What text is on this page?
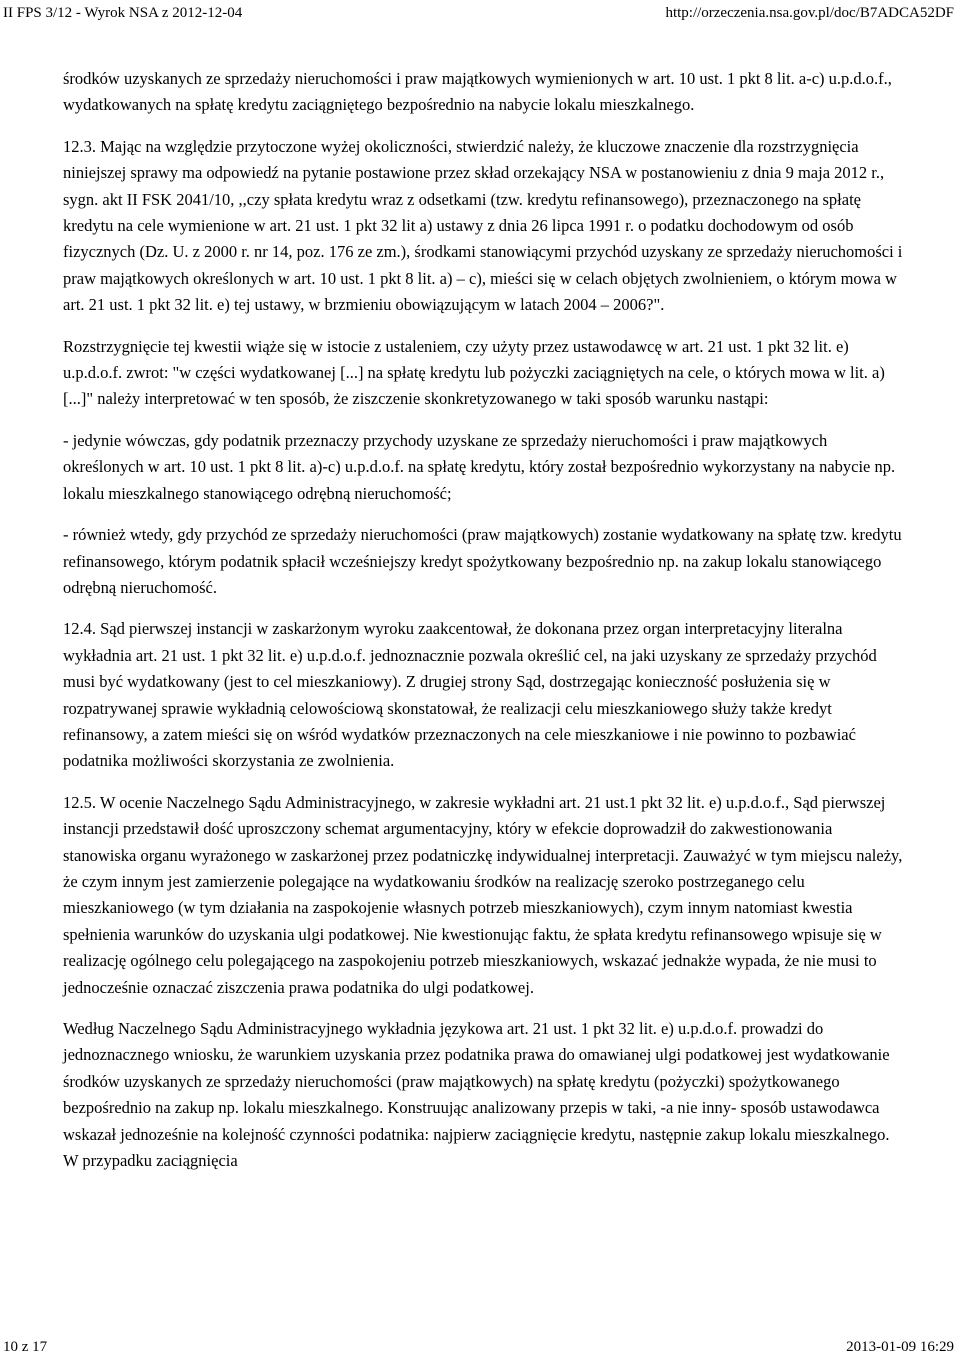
II FPS 3/12 - Wyrok NSA z 2012-12-04	http://orzeczenia.nsa.gov.pl/doc/B7ADCA52DF

środków uzyskanych ze sprzedaży nieruchomości i praw majątkowych wymienionych w art. 10 ust. 1 pkt 8 lit. a-c) u.p.d.o.f., wydatkowanych na spłatę kredytu zaciągniętego bezpośrednio na nabycie lokalu mieszkalnego.

12.3. Mając na względzie przytoczone wyżej okoliczności, stwierdzić należy, że kluczowe znaczenie dla rozstrzygnięcia niniejszej sprawy ma odpowiedź na pytanie postawione przez skład orzekający NSA w postanowieniu z dnia 9 maja 2012 r., sygn. akt II FSK 2041/10, ,,czy spłata kredytu wraz z odsetkami (tzw. kredytu refinansowego), przeznaczonego na spłatę kredytu na cele wymienione w art. 21 ust. 1 pkt 32 lit a) ustawy z dnia 26 lipca 1991 r. o podatku dochodowym od osób fizycznych (Dz. U. z 2000 r. nr 14, poz. 176 ze zm.), środkami stanowiącymi przychód uzyskany ze sprzedaży nieruchomości i praw majątkowych określonych w art. 10 ust. 1 pkt 8 lit. a) – c), mieści się w celach objętych zwolnieniem, o którym mowa w art. 21 ust. 1 pkt 32 lit. e) tej ustawy, w brzmieniu obowiązującym w latach 2004 – 2006?".

Rozstrzygnięcie tej kwestii wiąże się w istocie z ustaleniem, czy użyty przez ustawodawcę w art. 21 ust. 1 pkt 32 lit. e) u.p.d.o.f. zwrot: "w części wydatkowanej [...] na spłatę kredytu lub pożyczki zaciągniętych na cele, o których mowa w lit. a) [...]" należy interpretować w ten sposób, że ziszczenie skonkretyzowanego w taki sposób warunku nastąpi:

- jedynie wówczas, gdy podatnik przeznaczy przychody uzyskane ze sprzedaży nieruchomości i praw majątkowych określonych w art. 10 ust. 1 pkt 8 lit. a)-c) u.p.d.o.f. na spłatę kredytu, który został bezpośrednio wykorzystany na nabycie np. lokalu mieszkalnego stanowiącego odrębną nieruchomość;

- również wtedy, gdy przychód ze sprzedaży nieruchomości (praw majątkowych) zostanie wydatkowany na spłatę tzw. kredytu refinansowego, którym podatnik spłacił wcześniejszy kredyt spożytkowany bezpośrednio np. na zakup lokalu stanowiącego odrębną nieruchomość.

12.4. Sąd pierwszej instancji w zaskarżonym wyroku zaakcentował, że dokonana przez organ interpretacyjny literalna wykładnia art. 21 ust. 1 pkt 32 lit. e) u.p.d.o.f. jednoznacznie pozwala określić cel, na jaki uzyskany ze sprzedaży przychód musi być wydatkowany (jest to cel mieszkaniowy). Z drugiej strony Sąd, dostrzegając konieczność posłużenia się w rozpatrywanej sprawie wykładnią celowościową skonstatował, że realizacji celu mieszkaniowego służy także kredyt refinansowy, a zatem mieści się on wśród wydatków przeznaczonych na cele mieszkaniowe i nie powinno to pozbawiać podatnika możliwości skorzystania ze zwolnienia.

12.5. W ocenie Naczelnego Sądu Administracyjnego, w zakresie wykładni art. 21 ust.1 pkt 32 lit. e) u.p.d.o.f., Sąd pierwszej instancji przedstawił dość uproszczony schemat argumentacyjny, który w efekcie doprowadził do zakwestionowania stanowiska organu wyrażonego w zaskarżonej przez podatniczkę indywidualnej interpretacji. Zauważyć w tym miejscu należy, że czym innym jest zamierzenie polegające na wydatkowaniu środków na realizację szeroko postrzeganego celu mieszkaniowego (w tym działania na zaspokojenie własnych potrzeb mieszkaniowych), czym innym natomiast kwestia spełnienia warunków do uzyskania ulgi podatkowej. Nie kwestionując faktu, że spłata kredytu refinansowego wpisuje się w realizację ogólnego celu polegającego na zaspokojeniu potrzeb mieszkaniowych, wskazać jednakże wypada, że nie musi to jednocześnie oznaczać ziszczenia prawa podatnika do ulgi podatkowej.

Według Naczelnego Sądu Administracyjnego wykładnia językowa art. 21 ust. 1 pkt 32 lit. e) u.p.d.o.f. prowadzi do jednoznacznego wniosku, że warunkiem uzyskania przez podatnika prawa do omawianej ulgi podatkowej jest wydatkowanie środków uzyskanych ze sprzedaży nieruchomości (praw majątkowych) na spłatę kredytu (pożyczki) spożytkowanego bezpośrednio na zakup np. lokalu mieszkalnego. Konstruując analizowany przepis w taki, -a nie inny- sposób ustawodawca wskazał jednoześnie na kolejność czynności podatnika: najpierw zaciągnięcie kredytu, następnie zakup lokalu mieszkalnego. W przypadku zaciągnięcia

10 z 17	2013-01-09 16:29
